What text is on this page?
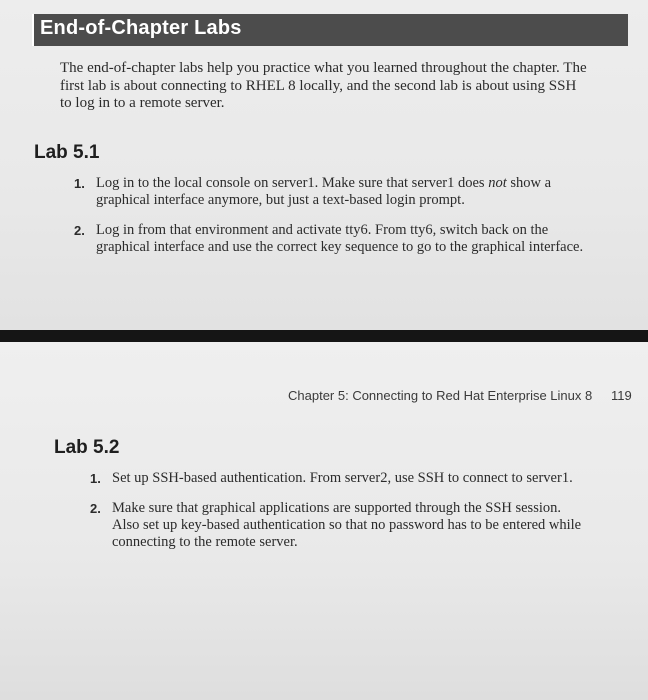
End-of-Chapter Labs

The end-of-chapter labs help you practice what you learned throughout the chapter. The first lab is about connecting to RHEL 8 locally, and the second lab is about using SSH to log in to a remote server.

Lab 5.1
1. Log in to the local console on server1. Make sure that server1 does not show a graphical interface anymore, but just a text-based login prompt.
2. Log in from that environment and activate tty6. From tty6, switch back on the graphical interface and use the correct key sequence to go to the graphical interface.
Chapter 5: Connecting to Red Hat Enterprise Linux 8 119
Lab 5.2
1. Set up SSH-based authentication. From server2, use SSH to connect to server1.
2. Make sure that graphical applications are supported through the SSH session. Also set up key-based authentication so that no password has to be entered while connecting to the remote server.
